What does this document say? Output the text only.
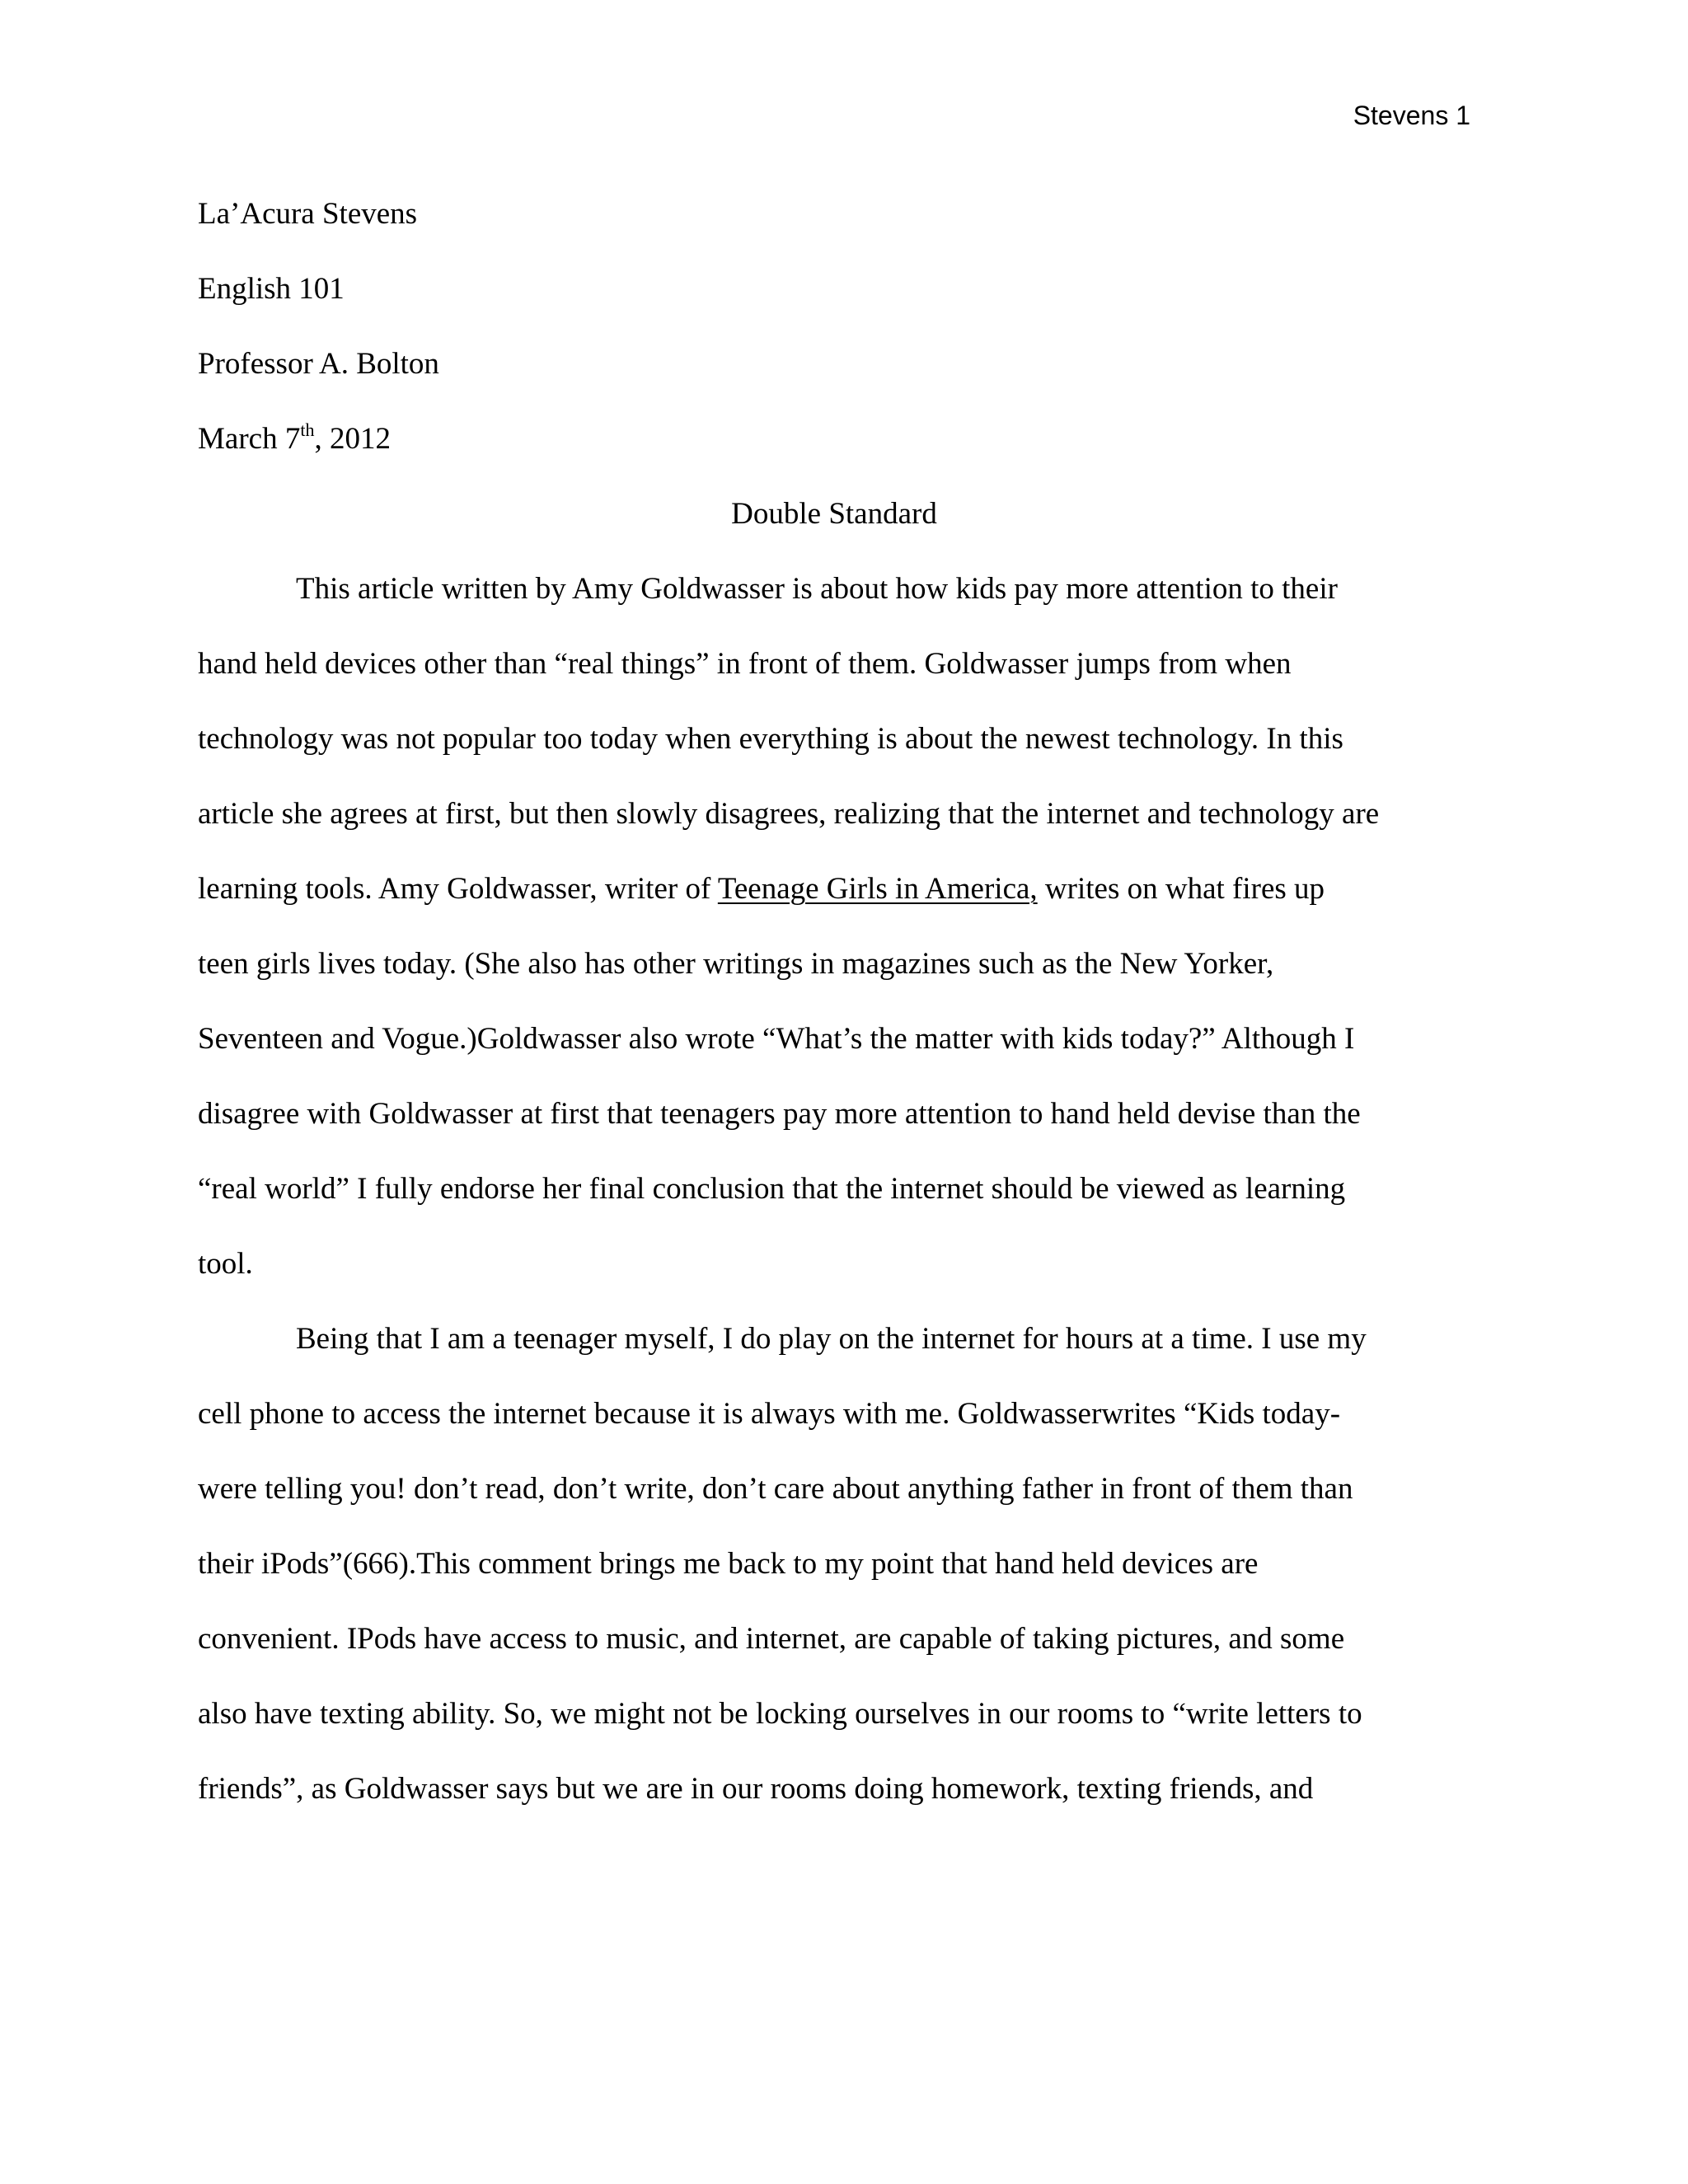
Stevens 1
La’Acura Stevens
English 101
Professor A. Bolton
March 7th, 2012
Double Standard
This article written by Amy Goldwasser is about how kids pay more attention to their
hand held devices other than “real things” in front of them. Goldwasser jumps from when
technology was not popular too today when everything is about the newest technology. In this
article she agrees at first, but then slowly disagrees, realizing that the internet and technology are
learning tools. Amy Goldwasser, writer of Teenage Girls in America, writes on what fires up
teen girls lives today. (She also has other writings in magazines such as the New Yorker,
Seventeen and Vogue.)Goldwasser also wrote “What’s the matter with kids today?” Although I
disagree with Goldwasser at first that teenagers pay more attention to hand held devise than the
“real world” I fully endorse her final conclusion that the internet should be viewed as learning
tool.
Being that I am a teenager myself, I do play on the internet for hours at a time. I use my
cell phone to access the internet because it is always with me. Goldwasserwrites “Kids today-
were telling you! don’t read, don’t write, don’t care about anything father in front of them than
their iPods”(666).This comment brings me back to my point that hand held devices are
convenient. IPods have access to music, and internet, are capable of taking pictures, and some
also have texting ability. So, we might not be locking ourselves in our rooms to “write letters to
friends”, as Goldwasser says but we are in our rooms doing homework, texting friends, and
